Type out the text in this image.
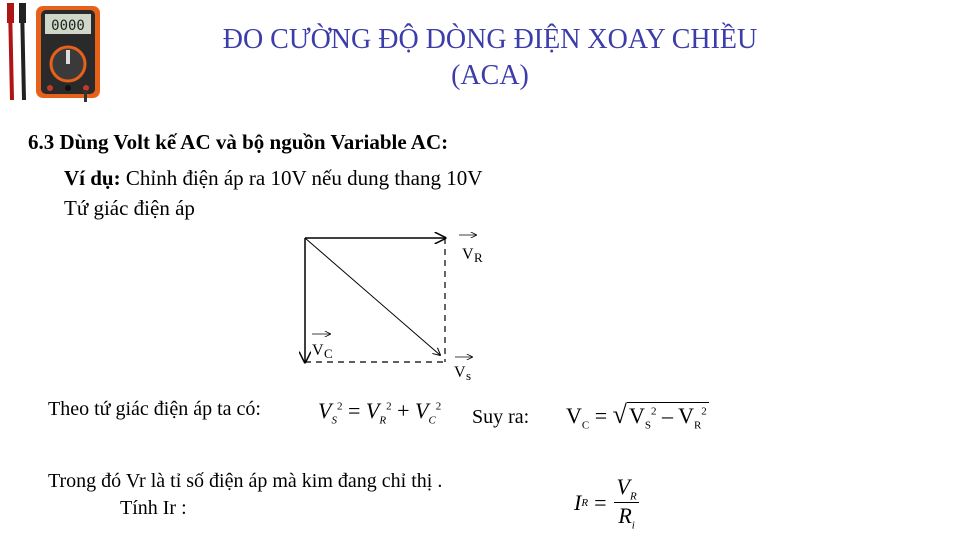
0000	ĐO CƯỜNG ĐỘ DÒNG ĐIỆN XOAY CHIỀU
(ACA)
6.3 Dùng Volt kế AC và bộ nguồn Variable AC:
Ví dụ: Chỉnh điện áp ra 10V nếu dung thang 10V
Tứ giác điện áp
V R
V C
V s
Theo tứ giác điện áp ta có:	$V_S^2 = V_R^2 + V_C^2$ Suy ra: $V_C = √V_S^2 - V_R^2$
Trong đó Vr là tỉ số điện áp mà kim đang chỉ thị .
Tính Ir :	I $R = \frac{V_R}{R_i}$
